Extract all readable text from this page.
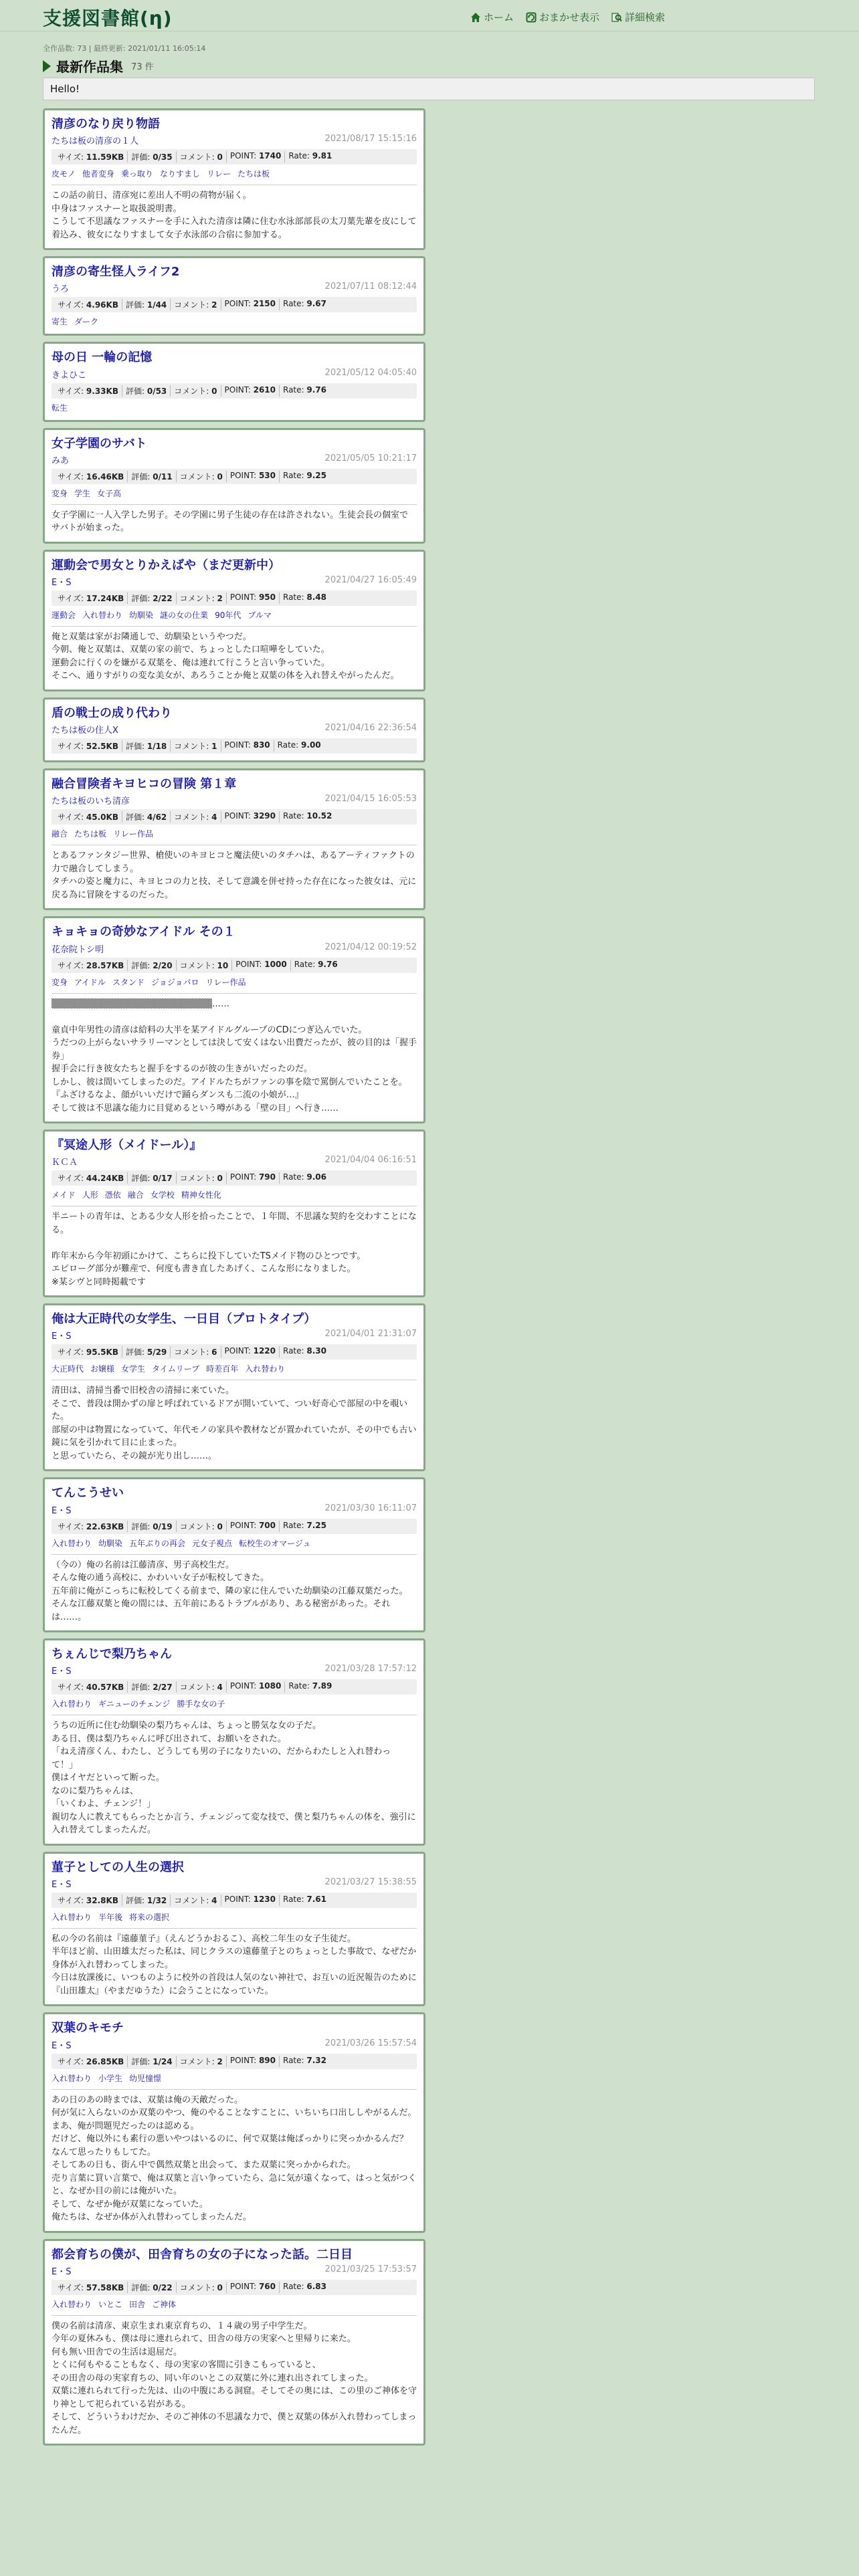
支援図書館(η)	ホーム	おまかせ表示	詳細検索
全作品数: 73 | 最終更新: 2021/01/11 16:05:14
最新作品集 73 件
Hello!
清彦のなり戻り物語
たちは板の清彦の１人	2021/08/17 15:15:16
サイズ: 11.59KB 評価: 0/35 コメント: 0 POINT: 1740 Rate: 9.81
皮モノ 他者変身 乗っ取り なりすまし リレー たちは板
この話の前日、清彦宛に差出人不明の荷物が届く。
中身はファスナーと取扱説明書。
こうして不思議なファスナーを手に入れた清彦は隣に住む水泳部部長の太刀葉先輩を皮にして着込み、彼女になりすまして女子水泳部の合宿に参加する。
清彦の寄生怪人ライフ2
うろ	2021/07/11 08:12:44
サイズ: 4.96KB 評価: 1/44 コメント: 2 POINT: 2150 Rate: 9.67
寄生 ダーク
母の日 一輪の記憶
きよひこ	2021/05/12 04:05:40
サイズ: 9.33KB 評価: 0/53 コメント: 0 POINT: 2610 Rate: 9.76
転生
女子学園のサバト
みあ	2021/05/05 10:21:17
サイズ: 16.46KB 評価: 0/11 コメント: 0 POINT: 530 Rate: 9.25
変身 学生 女子高
女子学園に一人入学した男子。その学園に男子生徒の存在は許されない。生徒会長の個室でサバトが始まった。
運動会で男女とりかえばや（まだ更新中）
E・S	2021/04/27 16:05:49
サイズ: 17.24KB 評価: 2/22 コメント: 2 POINT: 950 Rate: 8.48
運動会 入れ替わり 幼馴染 謎の女の仕業 90年代 ブルマ
俺と双葉は家がお隣通しで、幼馴染というやつだ。
今朝、俺と双葉は、双葉の家の前で、ちょっとした口喧嘩をしていた。
運動会に行くのを嫌がる双葉を、俺は連れて行こうと言い争っていた。
そこへ、通りすがりの変な美女が、あろうことか俺と双葉の体を入れ替えやがったんだ。
盾の戦士の成り代わり
たちは板の住人X	2021/04/16 22:36:54
サイズ: 52.5KB 評価: 1/18 コメント: 1 POINT: 830 Rate: 9.00
融合冒険者キヨヒコの冒険 第１章
たちは板のいち清彦	2021/04/15 16:05:53
サイズ: 45.0KB 評価: 4/62 コメント: 4 POINT: 3290 Rate: 10.52
融合 たちは板 リレー作品
とあるファンタジー世界、槍使いのキヨヒコと魔法使いのタチハは、あるアーティファクトの力で融合してしまう。
タチハの姿と魔力に、キヨヒコの力と技、そして意識を併せ持った存在になった彼女は、元に戻る為に冒険をするのだった。
キョキョの奇妙なアイドル その１
花奈院トシ明	2021/04/12 00:19:52
サイズ: 28.57KB 評価: 2/20 コメント: 10 POINT: 1000 Rate: 9.76
変身 アイドル スタンド ジョジョパロ リレー作品
▒▒▒▒▒▒▒▒▒▒▒▒▒▒▒▒▒▒▒▒▒▒▒▒……

童貞中年男性の清彦は給料の大半を某アイドルグループのCDにつぎ込んでいた。
うだつの上がらないサラリーマンとしては決して安くはない出費だったが、彼の目的は「握手券」
握手会に行き彼女たちと握手をするのが彼の生きがいだったのだ。
しかし、彼は間いてしまったのだ。アイドルたちがファンの事を陰で罵倒んでいたことを。
『ふざけるなよ、顔がいいだけで踊らダンスも二流の小娘が…』
そして彼は不思議な能力に目覚めるという噂がある「壁の目」へ行き……
『冥途人形（メイドール）』
ＫＣＡ	2021/04/04 06:16:51
サイズ: 44.24KB 評価: 0/17 コメント: 0 POINT: 790 Rate: 9.06
メイド 人形 憑依 融合 女学校 精神女性化
半ニートの青年は、とある少女人形を拾ったことで、１年間、不思議な契約を交わすことになる。

昨年末から今年初頭にかけて、こちらに投下していたTSメイド物のひとつです。
エピローグ部分が難産で、何度も書き直したあげく、こんな形になりました。
※某シヴと同時掲載です
俺は大正時代の女学生、一日目（プロトタイプ）
E・S	2021/04/01 21:31:07
サイズ: 95.5KB 評価: 5/29 コメント: 6 POINT: 1220 Rate: 8.30
大正時代 お嬢様 女学生 タイムリープ 時差百年 入れ替わり
清田は、清掃当番で旧校舎の清掃に来ていた。
そこで、普段は開かずの扉と呼ばれているドアが開いていて、つい好奇心で部屋の中を覗いた。
部屋の中は物置になっていて、年代モノの家具や教材などが置かれていたが、その中でも古い鏡に気を引かれて目に止まった。
と思っていたら、その鏡が光り出し……。
てんこうせい
E・S	2021/03/30 16:11:07
サイズ: 22.63KB 評価: 0/19 コメント: 0 POINT: 700 Rate: 7.25
入れ替わり 幼馴染 五年ぶりの再会 元女子視点 転校生のオマージュ
（今の）俺の名前は江藤清彦、男子高校生だ。
そんな俺の通う高校に、かわいい女子が転校してきた。
五年前に俺がこっちに転校してくる前まで、隣の家に住んでいた幼馴染の江藤双葉だった。
そんな江藤双葉と俺の間には、五年前にあるトラブルがあり、ある秘密があった。それは……。
ちぇんじで梨乃ちゃん
E・S	2021/03/28 17:57:12
サイズ: 40.57KB 評価: 2/27 コメント: 4 POINT: 1080 Rate: 7.89
入れ替わり ギニューのチェンジ 勝手な女の子
うちの近所に住む幼馴染の梨乃ちゃんは、ちょっと勝気な女の子だ。
ある日、僕は梨乃ちゃんに呼び出されて、お願いをされた。
「ねえ清彦くん、わたし、どうしても男の子になりたいの、だからわたしと入れ替わって！」
僕はイヤだといって断った。
なのに梨乃ちゃんは、
「いくわよ、チェンジ！」
親切な人に教えてもらったとか言う、チェンジって変な技で、僕と梨乃ちゃんの体を、強引に入れ替えてしまったんだ。
菫子としての人生の選択
E・S	2021/03/27 15:38:55
サイズ: 32.8KB 評価: 1/32 コメント: 4 POINT: 1230 Rate: 7.61
入れ替わり 半年後 将来の選択
私の今の名前は『遠藤菫子』（えんどうかおるこ）、高校二年生の女子生徒だ。
半年ほど前、山田雄太だった私は、同じクラスの遠藤菫子とのちょっとした事故で、なぜだか身体が入れ替わってしまった。
今日は放課後に、いつものように校外の首段は人気のない神社で、お互いの近況報告のために『山田雄太』（やまだゆうた）に会うことになっていた。
双葉のキモチ
E・S	2021/03/26 15:57:54
サイズ: 26.85KB 評価: 1/24 コメント: 2 POINT: 890 Rate: 7.32
入れ替わり 小学生 幼児憧憬
あの日のあの時までは、双葉は俺の天敵だった。
何が気に入らないのか双葉のやつ、俺のやることなすことに、いちいち口出ししやがるんだ。
まあ、俺が問題児だったのは認める。
だけど、俺以外にも素行の悪いやつはいるのに、何で双葉は俺ばっかりに突っかかるんだ？
なんて思ったりもしてた。
そしてあの日も、街ん中で偶然双葉と出会って、また双葉に突っかかられた。
売り言葉に買い言葉で、俺は双葉と言い争っていたら、急に気が遠くなって、はっと気がつくと、なぜか目の前には俺がいた。
そして、なぜか俺が双葉になっていた。
俺たちは、なぜか体が入れ替わってしまったんだ。
都会育ちの僕が、田舎育ちの女の子になった話。二日目
E・S	2021/03/25 17:53:57
サイズ: 57.58KB 評価: 0/22 コメント: 0 POINT: 760 Rate: 6.83
入れ替わり いとこ 田舎 ご神体
僕の名前は清彦、東京生まれ東京育ちの、１４歳の男子中学生だ。
今年の夏休みも、僕は母に連れられて、田舎の母方の実家へと里帰りに来た。
何も無い田舎での生活は退屈だ。
とくに何もやることもなく、母の実家の客間に引きこもっていると、
その田舎の母の実家育ちの、同い年のいとこの双葉に外に連れ出されてしまった。
双葉に連れられて行った先は、山の中腹にある洞窟。そしてその奥には、この里のご神体を守り神として祀られている岩がある。
そして、どういうわけだか、そのご神体の不思議な力で、僕と双葉の体が入れ替わってしまったんだ。
